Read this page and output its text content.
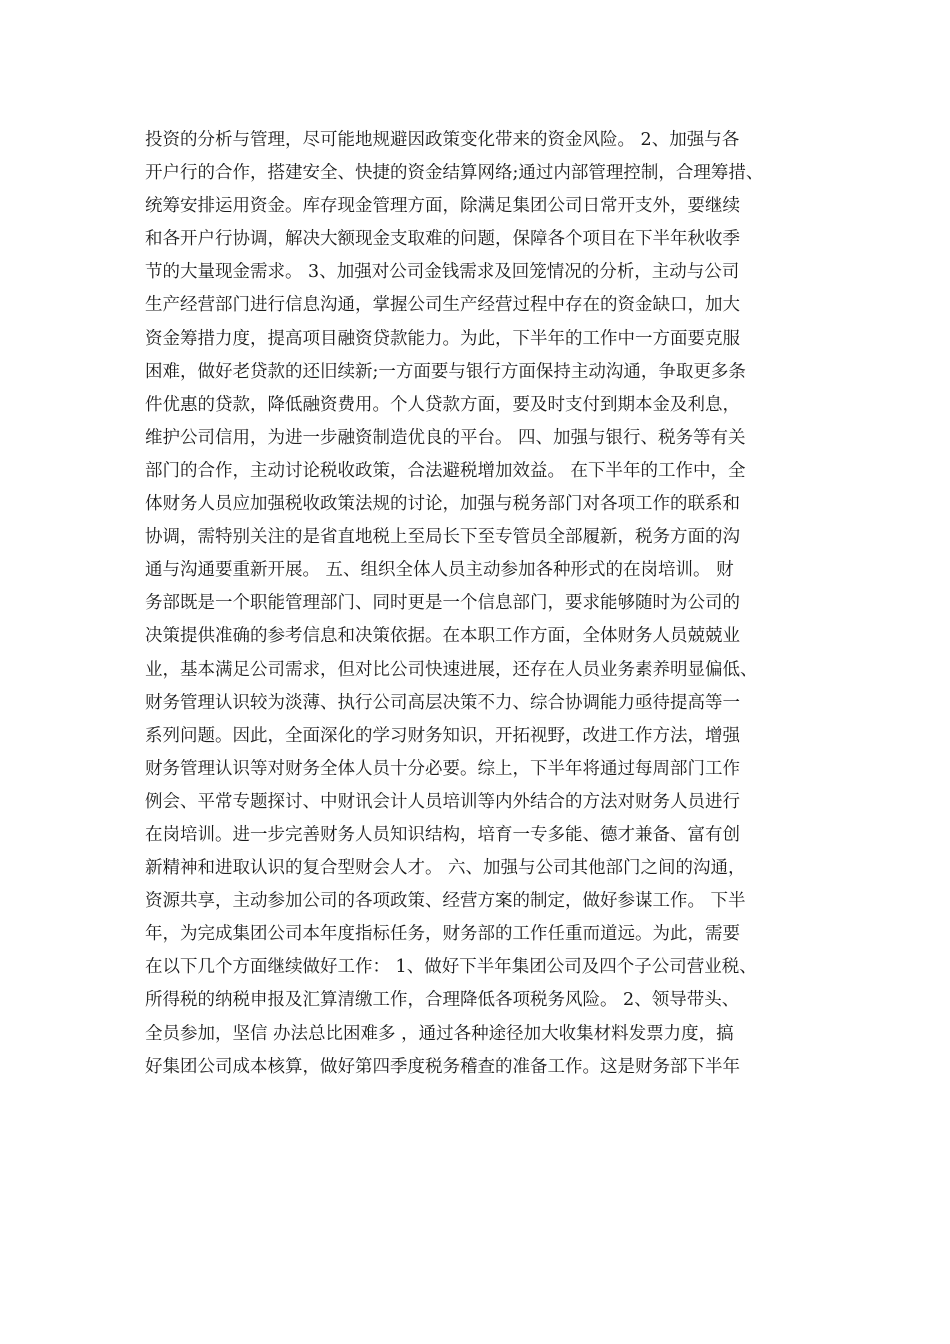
投资的分析与管理，尽可能地规避因政策变化带来的资金风险。 2、加强与各
开户行的合作，搭建安全、快捷的资金结算网络;通过内部管理控制，合理筹措、
统筹安排运用资金。库存现金管理方面，除满足集团公司日常开支外，要继续
和各开户行协调，解决大额现金支取难的问题，保障各个项目在下半年秋收季
节的大量现金需求。 3、加强对公司金钱需求及回笼情况的分析，主动与公司
生产经营部门进行信息沟通，掌握公司生产经营过程中存在的资金缺口，加大
资金筹措力度，提高项目融资贷款能力。为此，下半年的工作中一方面要克服
困难，做好老贷款的还旧续新;一方面要与银行方面保持主动沟通，争取更多条
件优惠的贷款，降低融资费用。个人贷款方面，要及时支付到期本金及利息，
维护公司信用，为进一步融资制造优良的平台。 四、加强与银行、税务等有关
部门的合作，主动讨论税收政策，合法避税增加效益。 在下半年的工作中，全
体财务人员应加强税收政策法规的讨论，加强与税务部门对各项工作的联系和
协调，需特别关注的是省直地税上至局长下至专管员全部履新，税务方面的沟
通与沟通要重新开展。 五、组织全体人员主动参加各种形式的在岗培训。 财
务部既是一个职能管理部门、同时更是一个信息部门，要求能够随时为公司的
决策提供准确的参考信息和决策依据。在本职工作方面，全体财务人员兢兢业
业，基本满足公司需求，但对比公司快速进展，还存在人员业务素养明显偏低、
财务管理认识较为淡薄、执行公司高层决策不力、综合协调能力亟待提高等一
系列问题。因此，全面深化的学习财务知识，开拓视野，改进工作方法，增强
财务管理认识等对财务全体人员十分必要。综上，下半年将通过每周部门工作
例会、平常专题探讨、中财讯会计人员培训等内外结合的方法对财务人员进行
在岗培训。进一步完善财务人员知识结构，培育一专多能、德才兼备、富有创
新精神和进取认识的复合型财会人才。 六、加强与公司其他部门之间的沟通，
资源共享，主动参加公司的各项政策、经营方案的制定，做好参谋工作。 下半
年，为完成集团公司本年度指标任务，财务部的工作任重而道远。为此，需要
在以下几个方面继续做好工作： 1、做好下半年集团公司及四个子公司营业税、
所得税的纳税申报及汇算清缴工作，合理降低各项税务风险。 2、领导带头、
全员参加，坚信 办法总比困难多 ，通过各种途径加大收集材料发票力度，搞
好集团公司成本核算，做好第四季度税务稽查的准备工作。这是财务部下半年
